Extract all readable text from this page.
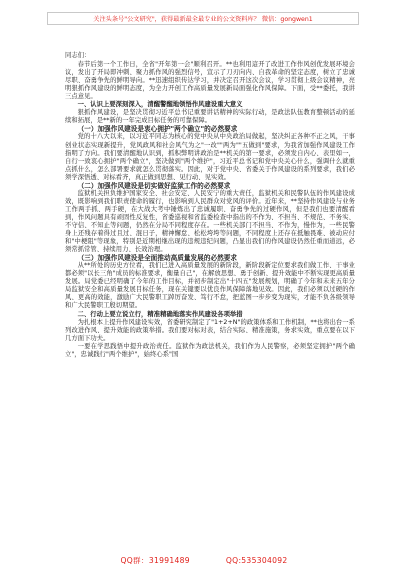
关注头条号"公文研究"，获得最新最全最专业的公文资料库？ 微信：gongwen1

同志们：

春节后第一个工作日，全省"开年第一会"顺利召开。**也利用這开了改进工作作风创优发展环境会议，发出了开局即冲刺、聚力抓作风的强烈信号，宣示了刀刃向内、自我革命的坚定态度，树立了忠诚尽职、奋勇争先的鲜明导向。**迅速组织传达学习，并决定召开这次会议，学习贯彻上级会议精神，亮明狠抓作风建设的鲜明态度，为全力开创工作高质量发展新局面强化作风保障。下面，受**委托，我讲三点意见。

一、认识上要深刻深入，清醒警醒地领悟作风建设重大意义

狠抓作风建设，是坚决贯彻习近平总书记重要讲话精神的实际行动，是政法队伍教育整顿活动的延续和拓展，是**新的一年完成目标任务的可靠保障。

（一）加强作风建设是衷心拥护"两个确立"的必然要求

党的十八大以来，以习近平同志为核心的党中央从中央政治局做起，坚决纠正各种不正之风，干事创业状态实现新提升，党风政风和社会风气为之"一改""两为""五做到"要求，为我省加强作风建设工作指明了方向。我们要清醒地认识到，抓积弊明讲政治是**机关的第一要求，必须发自内心、表里如一，自行一致衷心拥护"两个确立"，坚决做到"两个维护"，习近平总书记和党中央关心什么，强调什么就重点抓什么，怎么部署要求就怎么贯彻落实。因此，对于党中央、省委关于作风建设的系列要求，我们必须学深悟透、对标看齐，真正做到思想、见行动、见实效。

（二）加强作风建设是切实做好监狱工作的必然要求

监狱机关担负维护国家安全、社会安定、人民安宁的重大责任，监狱机关和民警队伍的作风建设成效，既影响到我们职责使命的履行，也影响到人民群众对党风的评价。近年来，**坚持作风建设与业务工作两手抓、两手硬，在大战大考中锤炼出了忠诚履职、奋勇争先的过硬作风，但是我们也要清醒看到，作风问题具有顽固性反复性，省委巡视和省监委检查中指出的不作为、不担当、不规范、不务实、不守信、不知止等问题，仍然在分局不同程度存在。一些机关部门不担当、不作为，慢作为，一些民警身上还残存着得过且过、混日子，精神懈怠、松松垮垮等问题，不同程度上还存在抵触畏难、被动应付和"中梗阻"等现象，特别是近期相继出现的违规违纪问题，凸显出我们的作风建设仍然任重而道远，必须常抓常管、持续用力、长效治理。

（三）加强作风建设是全面推动高质量发展的必然要求

从**所处的历史方位看，我们已进入高质量发展的新阶段，新阶段新定位要求我们做工作、干事业都必须"以长三角"成员的标准要求，衡量自己"，在解放思想、勇于创新、提升效能中不断实现更高质量发展。局党委已经明确了今年的工作目标，并初步制定出"十四五"发展规划，明确了今年和未来五年分局监狱安全和高质量发展目标任务，现在关键要以优良作风保障落地见效。因此，我们必须以过硬的作风、更高的效能，激励广大民警职工踔厉奋发、笃行不怠，把蓝图一步步变为现实，才能不负各级领导和广大民警职工殷切期望。

二、行动上要立说立行，精准精确地落实作风建设各项举措

为扎根本上提升作风建设实效，省委研究制定了"1+2+N"的政策体系和工作机制，**也将出台一系列改进作风、提升效能的政策举措。我们要对标对表，结合实际、精准施策，务求实效，重点要在以下几方面下功夫。

一要在学思践悟中提升政治责任。监狱作为政法机关，我们作为人民警察，必须坚定拥护"两个确立"，忠诚践行"两个维护"，始终心系"国

QQ群：31991489	QQ:535304092
